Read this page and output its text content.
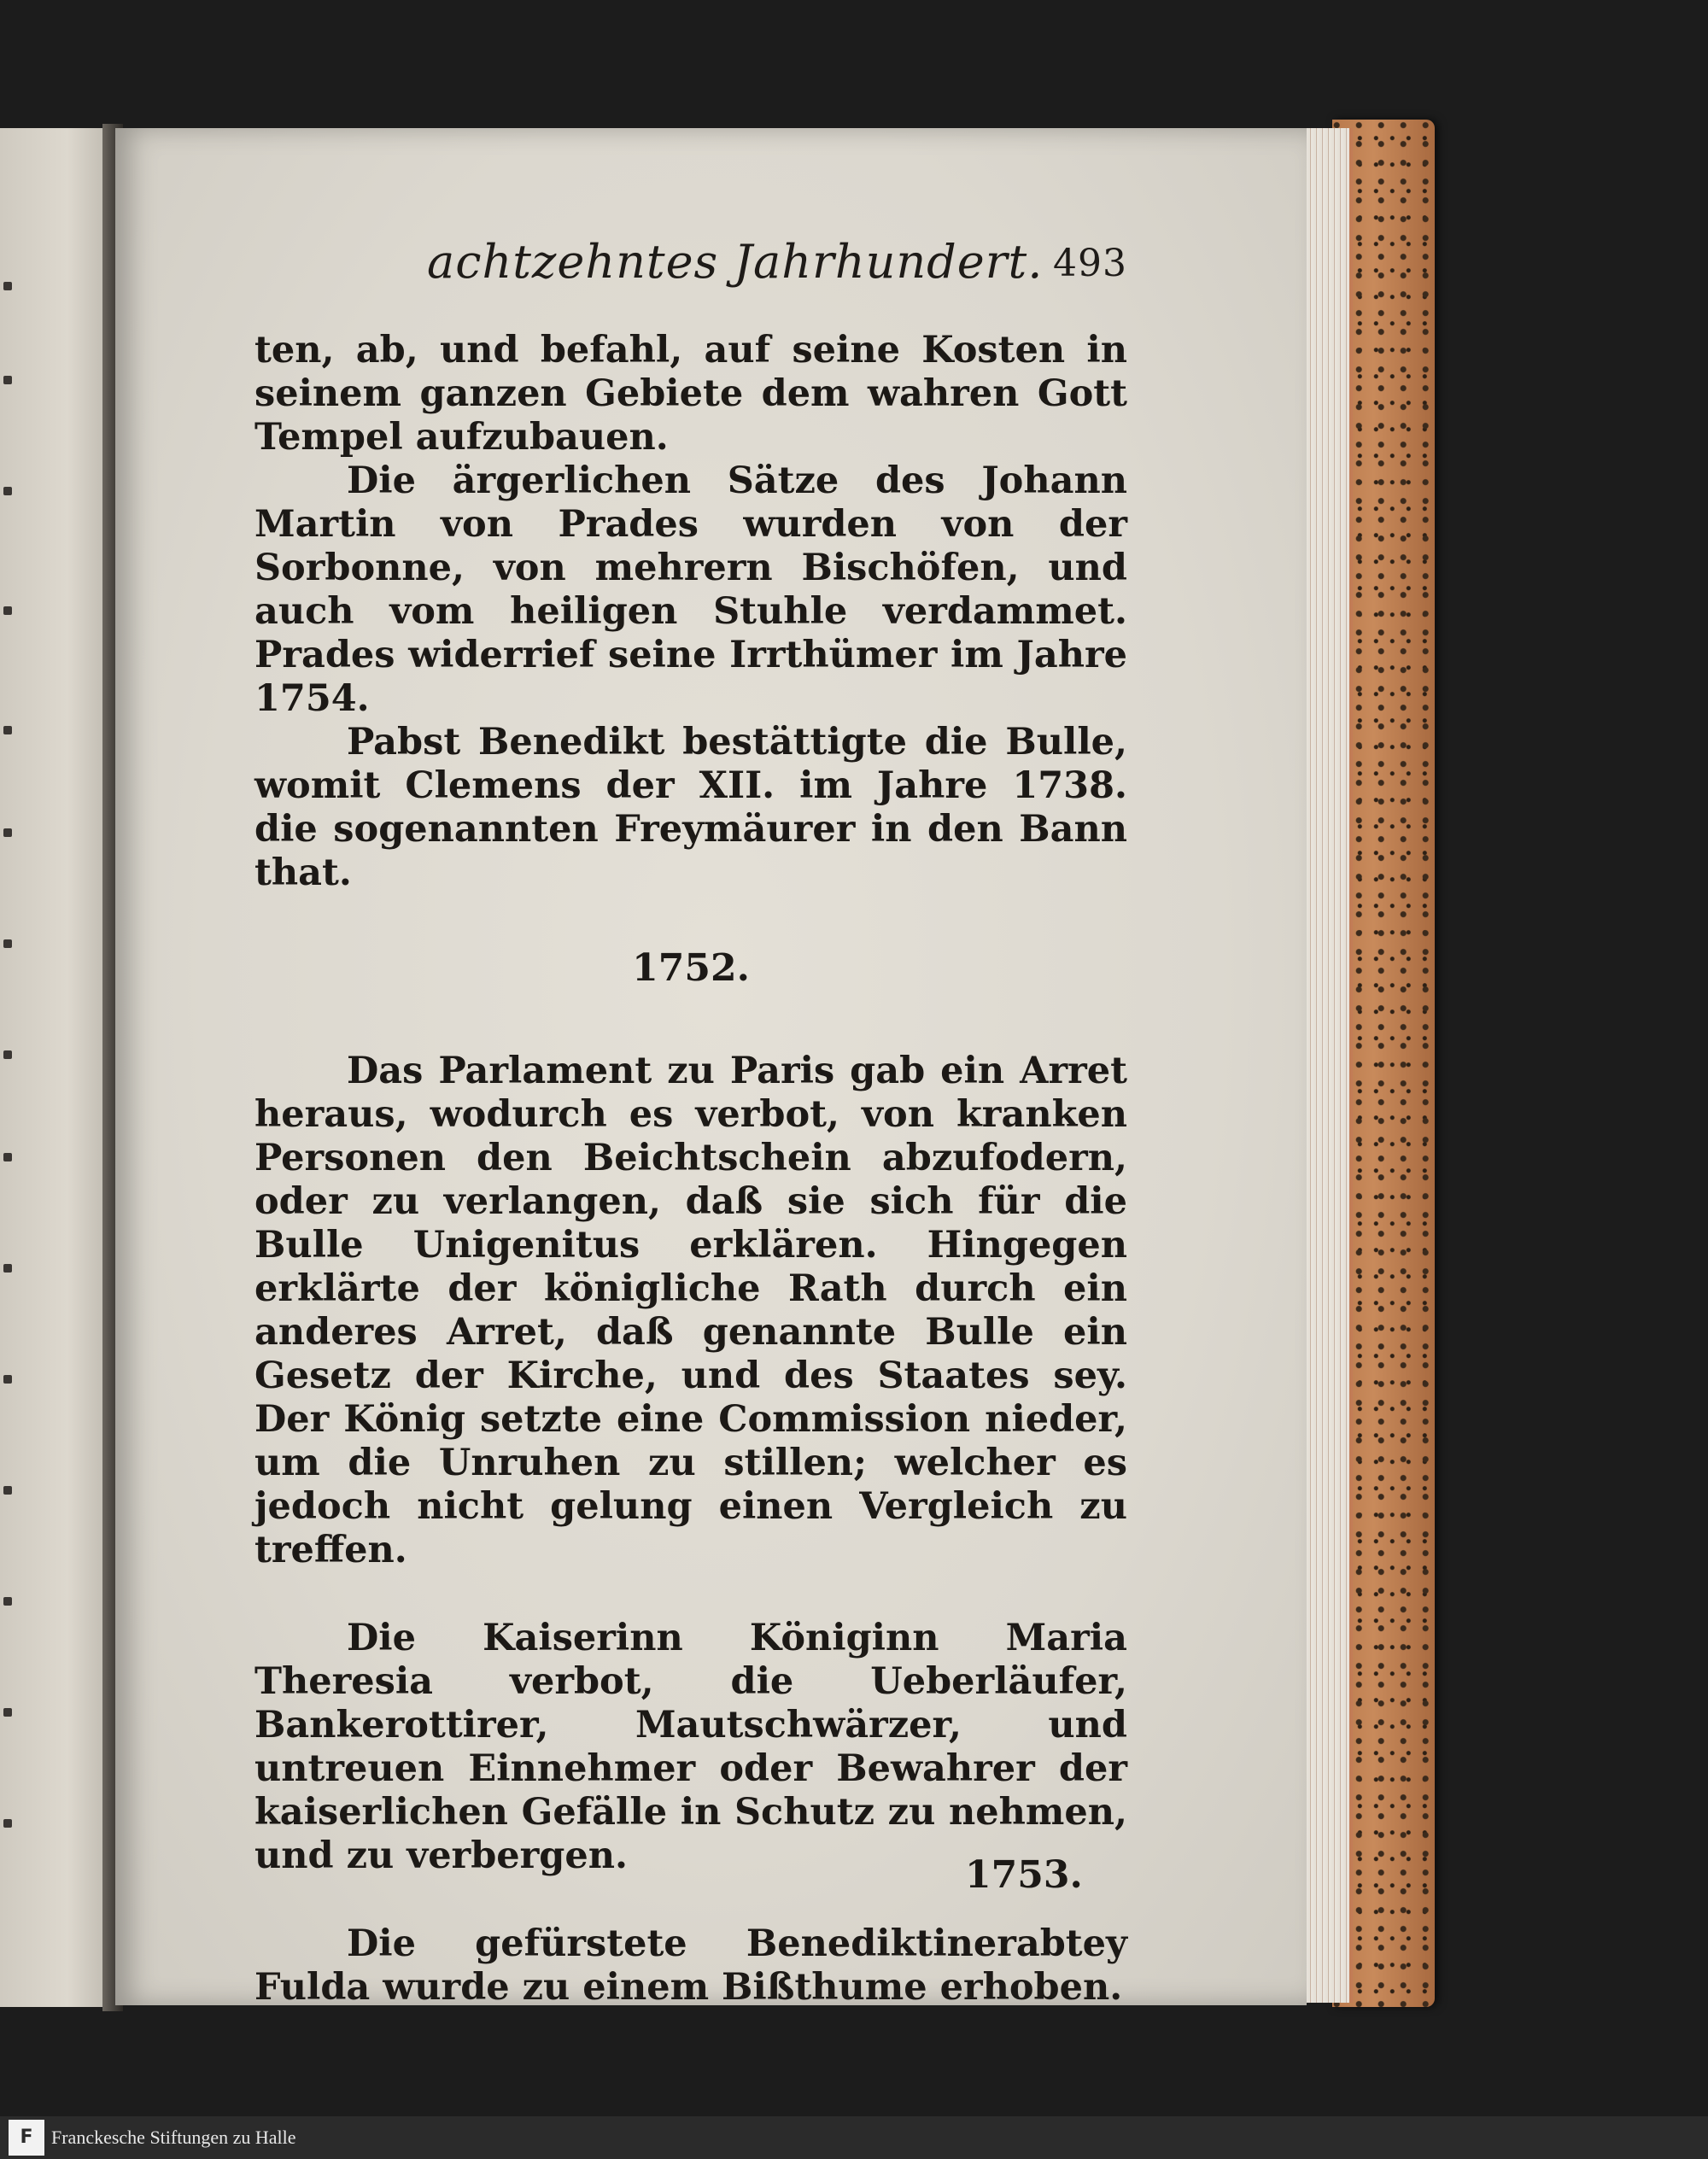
achtzehntes Jahrhundert. 493

ten, ab, und befahl, auf seine Kosten in seinem ganzen Gebiete dem wahren Gott Tempel aufzubauen.

Die ärgerlichen Sätze des Johann Martin von Prades wurden von der Sorbonne, von mehrern Bischöfen, und auch vom heiligen Stuhle verdammet. Prades widerrief seine Irrthümer im Jahre 1754.

Pabst Benedikt bestättigte die Bulle, womit Clemens der XII. im Jahre 1738. die sogenannten Freymäurer in den Bann that.

1752.

Das Parlament zu Paris gab ein Arret heraus, wodurch es verbot, von kranken Personen den Beichtschein abzufodern, oder zu verlangen, daß sie sich für die Bulle Unigenitus erklären. Hingegen erklärte der königliche Rath durch ein anderes Arret, daß genannte Bulle ein Gesetz der Kirche, und des Staates sey. Der König setzte eine Commission nieder, um die Unruhen zu stillen; welcher es jedoch nicht gelung einen Vergleich zu treffen.

Die Kaiserinn Königinn Maria Theresia verbot, die Ueberläufer, Bankerottirer, Mautschwärzer, und untreuen Einnehmer oder Bewahrer der kaiserlichen Gefälle in Schutz zu nehmen, und zu verbergen.

Die gefürstete Benediktinerabtey Fulda wurde zu einem Bißthume erhoben.

1753.
F Franckesche Stiftungen zu Halle
